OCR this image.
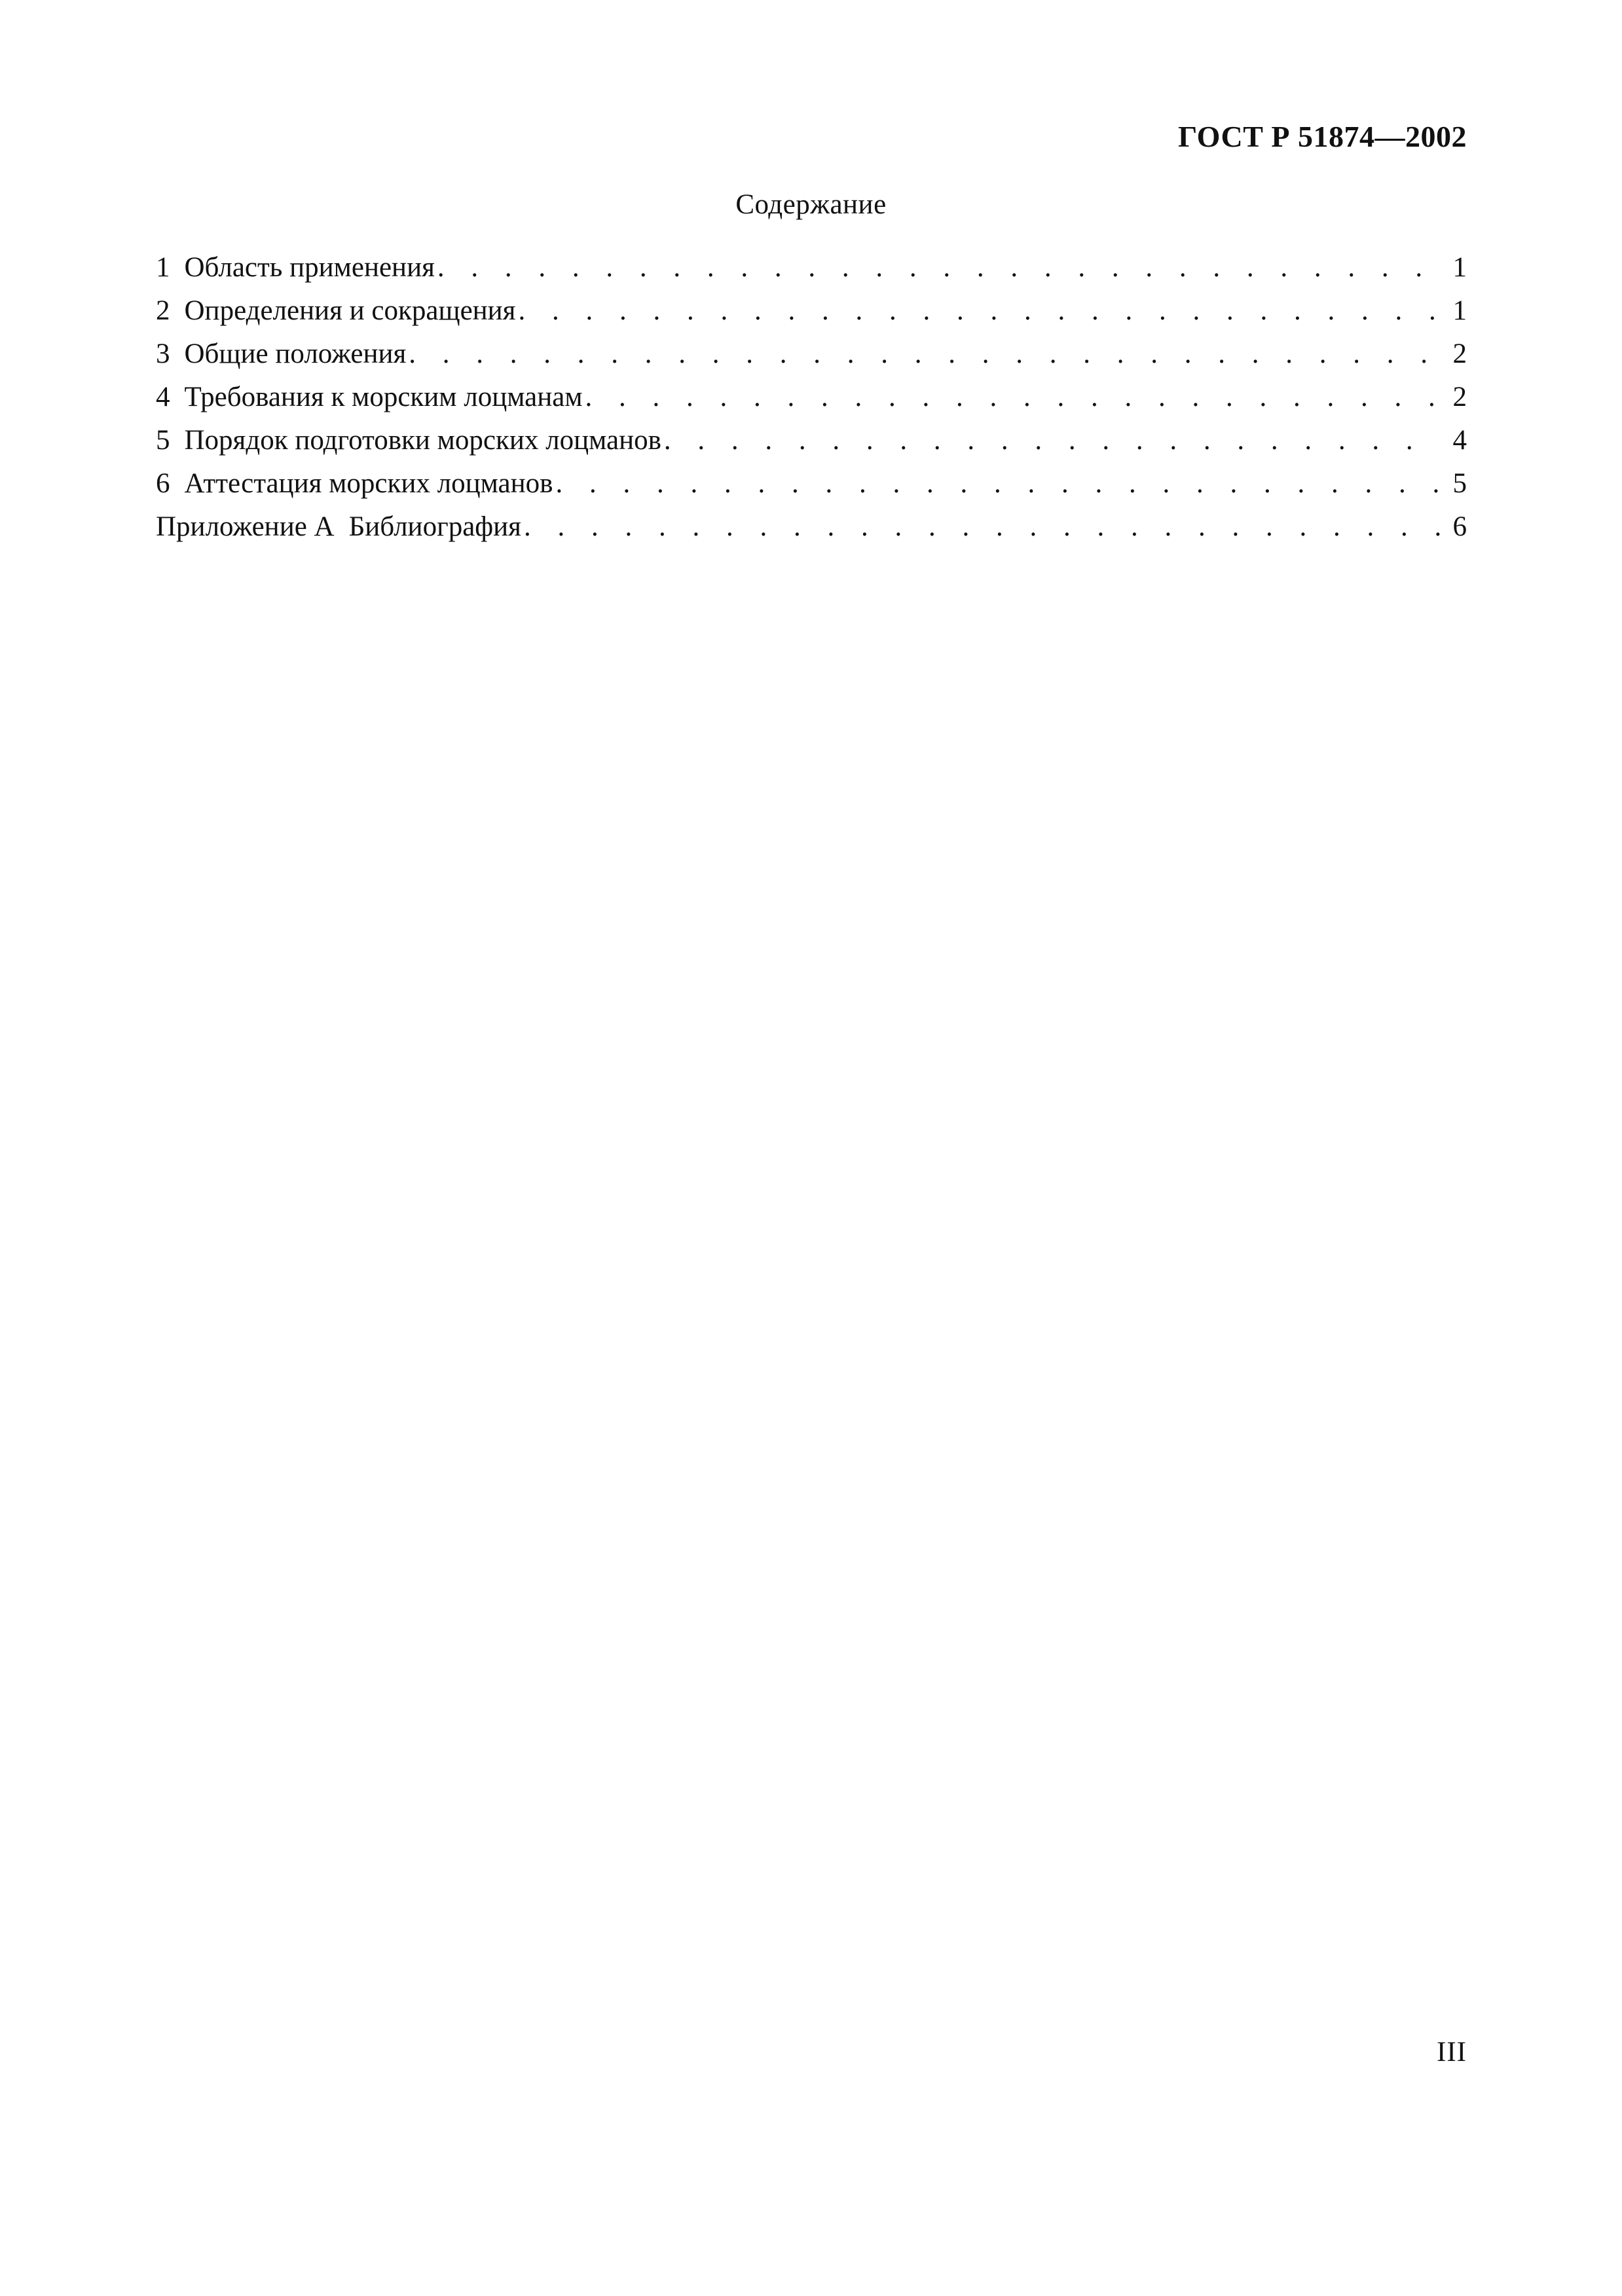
ГОСТ Р 51874—2002
Содержание
1 Область применения . . .	1
2 Определения и сокращения . . .	1
3 Общие положения . . .	2
4 Требования к морским лоцманам . . .	2
5 Порядок подготовки морских лоцманов . . .	4
6 Аттестация морских лоцманов . . .	5
Приложение А Библиография . . .	6
III
